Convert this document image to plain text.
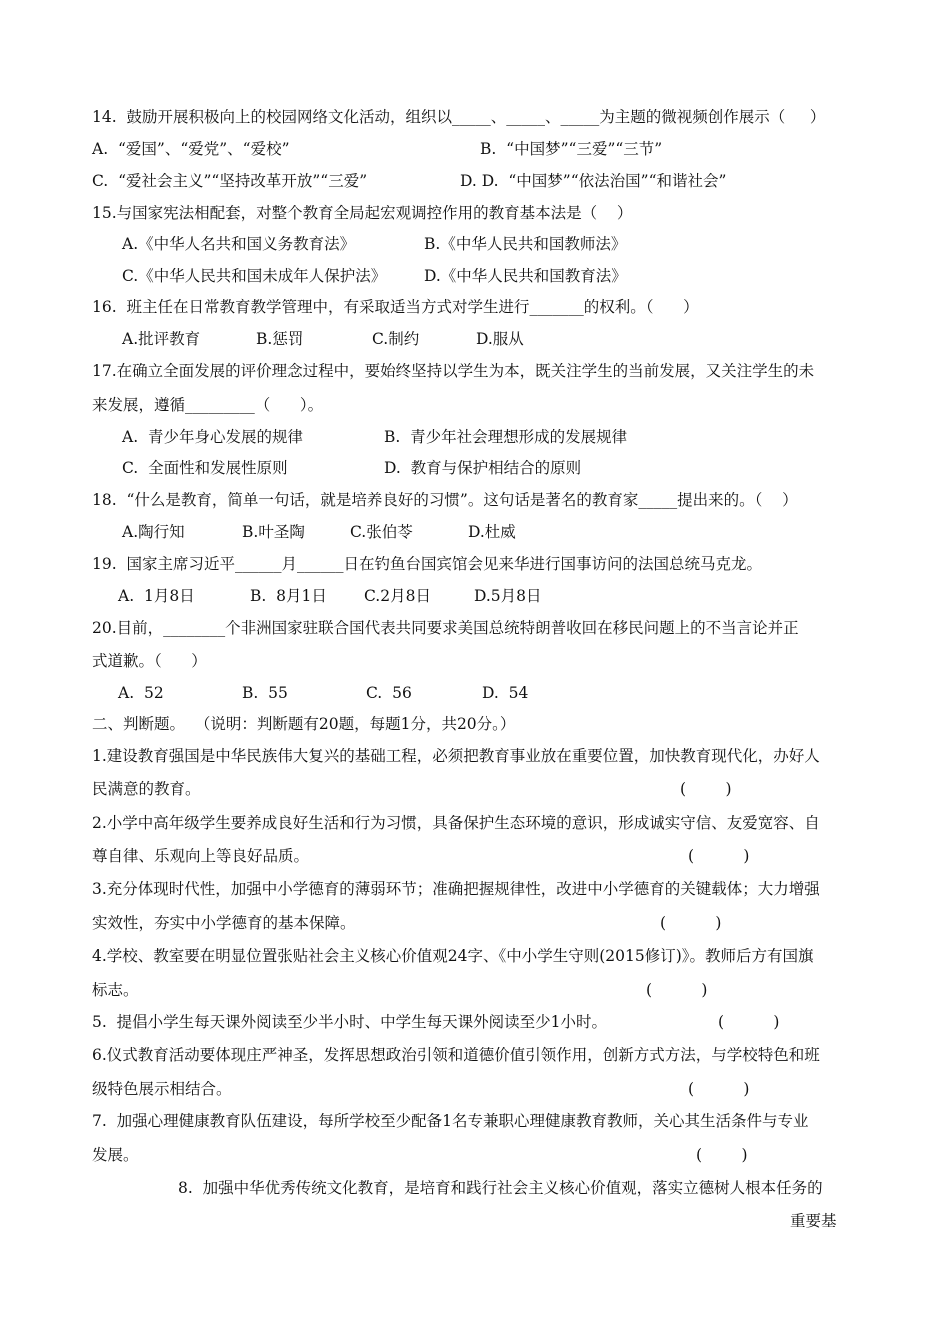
14.  鼓励开展积极向上的校园网络文化活动，组织以_____、_____、_____为主题的微视频创作展示（     ）
A.  “爱国”、“爱党”、“爱校”	B.  “中国梦”“三爱”“三节”
C.  “爱社会主义”“坚持改革开放”“三爱”	D. D.  “中国梦”“依法治国”“和谐社会”
15.与国家宪法相配套，对整个教育全局起宏观调控作用的教育基本法是（    ）
A.《中华人名共和国义务教育法》	B.《中华人民共和国教师法》
C.《中华人民共和国未成年人保护法》 D.《中华人民共和国教育法》
16.  班主任在日常教育教学管理中，有采取适当方式对学生进行_______的权利。（      ）
A.批评教育	B.惩罚	C.制约	D.服从
17.在确立全面发展的评价理念过程中，要始终坚持以学生为本，既关注学生的当前发展，又关注学生的未
来发展，遵循_________（      ）。
A.  青少年身心发展的规律	B.  青少年社会理想形成的发展规律
C.  全面性和发展性原则	D.  教育与保护相结合的原则
18.  “什么是教育，简单一句话，就是培养良好的习惯”。这句话是著名的教育家_____提出来的。（    ）
A.陶行知	B.叶圣陶	C.张伯苓	D.杜威
19.  国家主席习近平______月______日在钓鱼台国宾馆会见来华进行国事访问的法国总统马克龙。
A.  1月8日	B.  8月1日 C.2月8日	D.5月8日
20.目前，________个非洲国家驻联合国代表共同要求美国总统特朗普收回在移民问题上的不当言论并正
式道歉。（      ）
A.  52	B.  55	C.  56	D.  54
二、判断题。  （说明：判断题有20题，每题1分，共20分。）
1.建设教育强国是中华民族伟大复兴的基础工程，必须把教育事业放在重要位置，加快教育现代化，办好人
民满意的教育。	(        )
2.小学中高年级学生要养成良好生活和行为习惯，具备保护生态环境的意识，形成诚实守信、友爱宽容、自
尊自律、乐观向上等良好品质。	(          )
3.充分体现时代性，加强中小学德育的薄弱环节；准确把握规律性，改进中小学德育的关键载体；大力增强
实效性，夯实中小学德育的基本保障。	(          )
4.学校、教室要在明显位置张贴社会主义核心价值观24字、《中小学生守则(2015修订)》。教师后方有国旗
标志。	(          )
5.  提倡小学生每天课外阅读至少半小时、中学生每天课外阅读至少1小时。	(          )
6.仪式教育活动要体现庄严神圣，发挥思想政治引领和道德价值引领作用，创新方式方法，与学校特色和班
级特色展示相结合。	(          )
7.  加强心理健康教育队伍建设，每所学校至少配备1名专兼职心理健康教育教师，关心其生活条件与专业
发展。	(        )
8.  加强中华优秀传统文化教育，是培育和践行社会主义核心价值观，落实立德树人根本任务的
重要基
